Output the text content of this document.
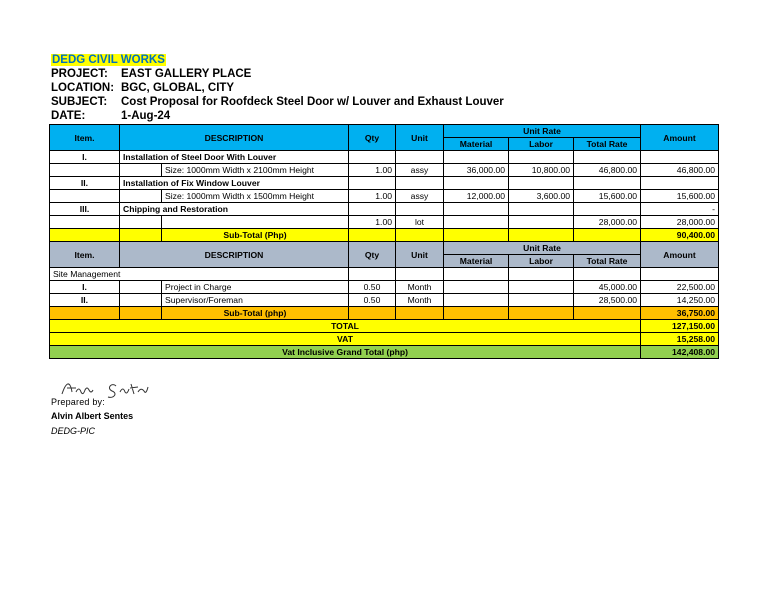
DEDG CIVIL WORKS
PROJECT: EAST GALLERY PLACE
LOCATION: BGC, GLOBAL, CITY
SUBJECT: Cost Proposal for Roofdeck Steel Door w/ Louver and Exhaust Louver
DATE:	1-Aug-24
Item.	DESCRIPTION		Qty	Unit	Unit Rate			Amount
					Material	Labor	Total Rate	
I.	Installation of Steel Door With Louver							
		Size: 1000mm Width x 2100mm Height	1.00	assy	36,000.00	10,800.00	46,800.00	46,800.00
II.	Installation of Fix Window Louver							
		Size: 1000mm Width x 1500mm Height	1.00	assy	12,000.00	3,600.00	15,600.00	15,600.00
III.	Chipping and Restoration							-
			1.00	lot			28,000.00	28,000.00
		Sub-Total (Php)						90,400.00
Item.	DESCRIPTION		Qty	Unit	Unit Rate			Amount
					Material	Labor	Total Rate	
Site Management								
I.		Project in Charge	0.50	Month			45,000.00	22,500.00
II.		Supervisor/Foreman	0.50	Month			28,500.00	14,250.00
		Sub-Total (php)						36,750.00
TOTAL								127,150.00
VAT								15,258.00
Vat Inclusive Grand Total (php)								142,408.00
Prepared by:
Alvin Albert Sentes
DEDG-PIC
